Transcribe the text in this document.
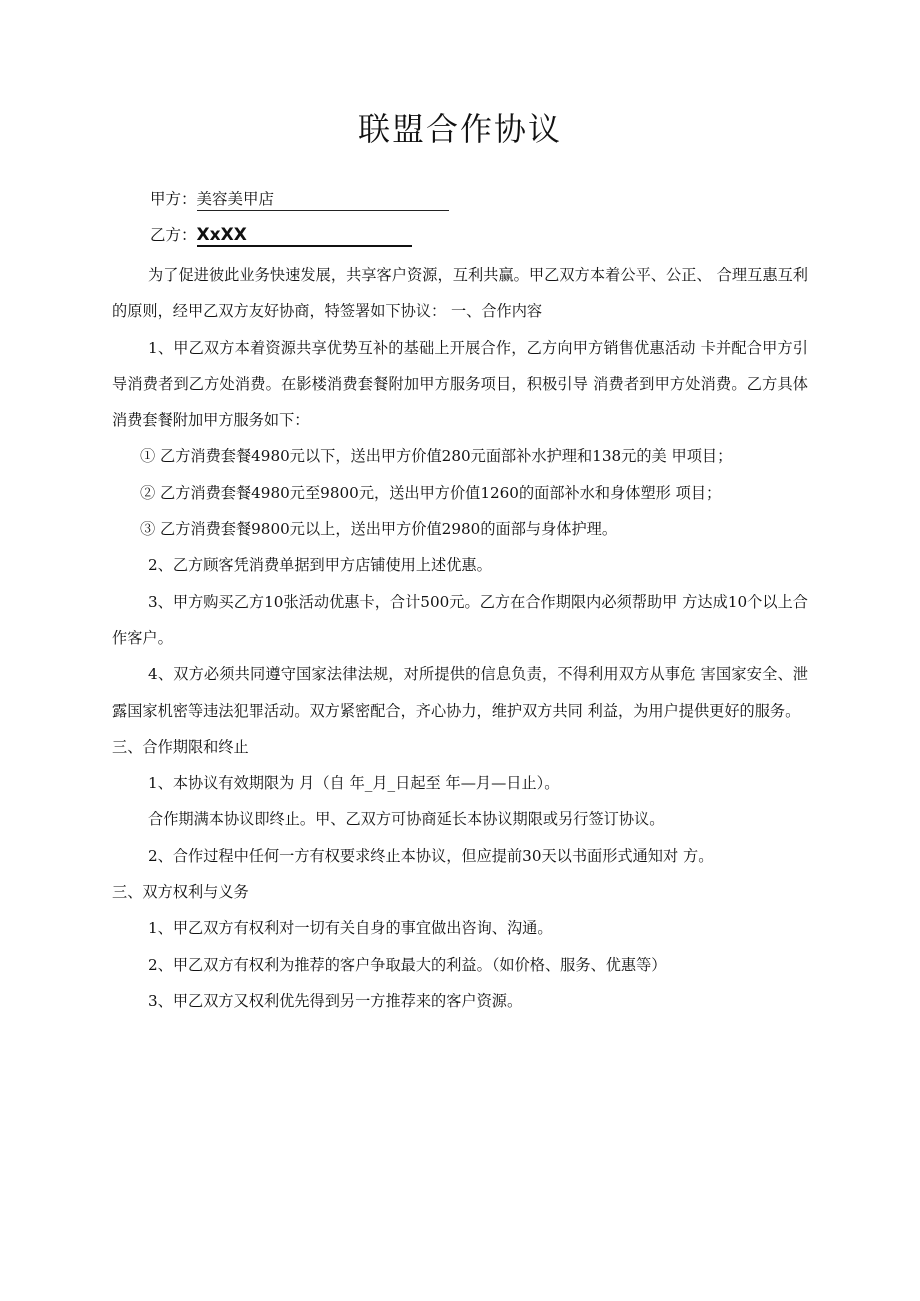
联盟合作协议
甲方：美容美甲店
乙方：XxXX

为了促进彼此业务快速发展，共享客户资源，互利共赢。甲乙双方本着公平、公正、 合理互惠互利的原则，经甲乙双方友好协商，特签署如下协议： 一、合作内容

1、甲乙双方本着资源共享优势互补的基础上开展合作，乙方向甲方销售优惠活动 卡并配合甲方引导消费者到乙方处消费。在影楼消费套餐附加甲方服务项目，积极引导 消费者到甲方处消费。乙方具体消费套餐附加甲方服务如下：

① 乙方消费套餐4980元以下，送出甲方价值280元面部补水护理和138元的美 甲项目；

② 乙方消费套餐4980元至9800元，送出甲方价值1260的面部补水和身体塑形 项目；

③ 乙方消费套餐9800元以上，送出甲方价值2980的面部与身体护理。

2、乙方顾客凭消费单据到甲方店铺使用上述优惠。

3、甲方购买乙方10张活动优惠卡，合计500元。乙方在合作期限内必须帮助甲 方达成10个以上合作客户。

4、双方必须共同遵守国家法律法规，对所提供的信息负责，不得利用双方从事危 害国家安全、泄露国家机密等违法犯罪活动。双方紧密配合，齐心协力，维护双方共同 利益，为用户提供更好的服务。

三、合作期限和终止

1、本协议有效期限为 月（自 年_月_日起至 年—月—日止）。

合作期满本协议即终止。甲、乙双方可协商延长本协议期限或另行签订协议。

2、合作过程中任何一方有权要求终止本协议，但应提前30天以书面形式通知对 方。

三、双方权利与义务

1、甲乙双方有权利对一切有关自身的事宜做出咨询、沟通。

2、甲乙双方有权利为推荐的客户争取最大的利益。（如价格、服务、优惠等）

3、甲乙双方又权利优先得到另一方推荐来的客户资源。
